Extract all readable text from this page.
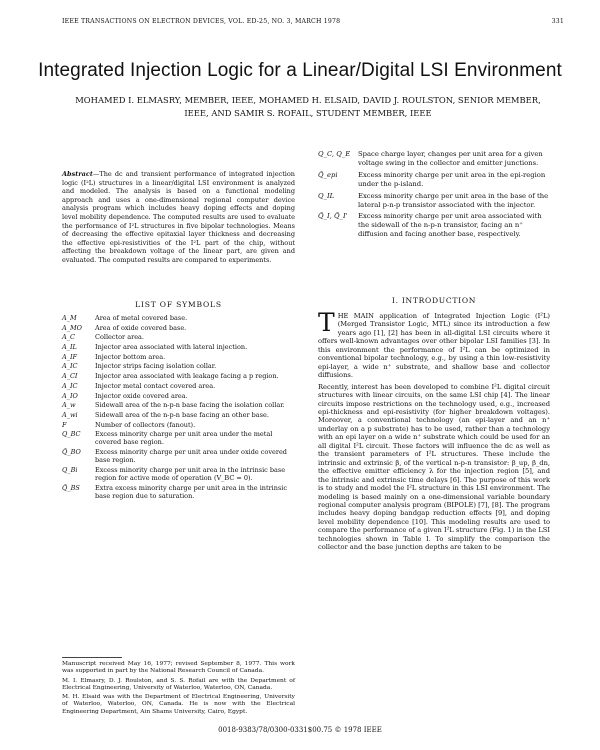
IEEE TRANSACTIONS ON ELECTRON DEVICES, VOL. ED-25, NO. 3, MARCH 1978	331
Integrated Injection Logic for a Linear/Digital LSI Environment
MOHAMED I. ELMASRY, MEMBER, IEEE, MOHAMED H. ELSAID, DAVID J. ROULSTON, SENIOR MEMBER,
IEEE, AND SAMIR S. ROFAIL, STUDENT MEMBER, IEEE

Abstract—The dc and transient performance of integrated injection logic (I²L) structures in a linear/digital LSI environment is analyzed and modeled. The analysis is based on a functional modeling approach and uses a one-dimensional regional computer device analysis program which includes heavy doping effects and doping level mobility dependence. The computed results are used to evaluate the performance of I²L structures in five bipolar technologies. Means of decreasing the effective epitaxial layer thickness and decreasing the effective epi-resistivities of the I²L part of the chip, without affecting the breakdown voltage of the linear part, are given and evaluated. The computed results are compared to experiments.

LIST OF SYMBOLS
A_M	Area of metal covered base.
A_MO	Area of oxide covered base.
A_C	Collector area.
A_IL	Injector area associated with lateral injection.
A_IF	Injector bottom area.
A_IC	Injector strips facing isolation collar.
A_CI	Injector area associated with leakage facing a p region.
A_IC	Injector metal contact covered area.
A_IO	Injector oxide covered area.
A_w	Sidewall area of the n-p-n base facing the isolation collar.
A_wi	Sidewall area of the n-p-n base facing an other base.
F	Number of collectors (fanout).
Q_BC	Excess minority charge per unit area under the metal covered base region.
Q̄_BO	Excess minority charge per unit area under oxide covered base region.
Q_Bi	Excess minority charge per unit area in the intrinsic base region for active mode of operation (V_BC = 0).
Q̄_BS	Extra excess minority charge per unit area in the intrinsic base region due to saturation.
Q_C, Q_E	Space charge layer, changes per unit area for a given voltage swing in the collector and emitter junctions.
Q̄_epi	Excess minority charge per unit area in the epi-region under the p-island.
Q_IL	Excess minority charge per unit area in the base of the lateral p-n-p transistor associated with the injector.
Q̄_I, Q̄_I'	Excess minority charge per unit area associated with the sidewall of the n-p-n transistor, facing an n⁺ diffusion and facing another base, respectively.
I. INTRODUCTION

THE MAIN application of Integrated Injection Logic (I²L) (Merged Transistor Logic, MTL) since its introduction a few years ago [1], [2] has been in all-digital LSI circuits where it offers well-known advantages over other bipolar LSI families [3]. In this environment the performance of I²L can be optimized in conventional bipolar technology, e.g., by using a thin low-resistivity epi-layer, a wide n⁺ substrate, and shallow base and collector diffusions.

Recently, interest has been developed to combine I²L digital circuit structures with linear circuits, on the same LSI chip [4]. The linear circuits impose restrictions on the technology used, e.g., increased epi-thickness and epi-resistivity (for higher breakdown voltages). Moreover, a conventional technology (an epi-layer and an n⁺ underlay on a p substrate) has to be used, rather than a technology with an epi layer on a wide n⁺ substrate which could be used for an all digital I²L circuit. These factors will influence the dc as well as the transient parameters of I²L structures. These include the intrinsic and extrinsic β, of the vertical n-p-n transistor: β_up, β_dn, the effective emitter efficiency λ for the injection region [5], and the intrinsic and extrinsic time delays [6]. The purpose of this work is to study and model the I²L structure in this LSI environment. The modeling is based mainly on a one-dimensional variable boundary regional computer analysis program (BIPOLE) [7], [8]. The program includes heavy doping bandgap reduction effects [9], and doping level mobility dependence [10]. This modeling results are used to compare the performance of a given I²L structure (Fig. 1) in the LSI technologies shown in Table I. To simplify the comparison the collector and the base junction depths are taken to be

Manuscript received May 16, 1977; revised September 8, 1977. This work was supported in part by the National Research Council of Canada.

M. I. Elmasry, D. J. Roulston, and S. S. Rofail are with the Department of Electrical Engineering, University of Waterloo, Waterloo, ON, Canada.

M. H. Elsaid was with the Department of Electrical Engineering, University of Waterloo, Waterloo, ON, Canada. He is now with the Electrical Engineering Department, Ain Shams University, Cairo, Egypt.

0018-9383/78/0300-0331$00.75 © 1978 IEEE
